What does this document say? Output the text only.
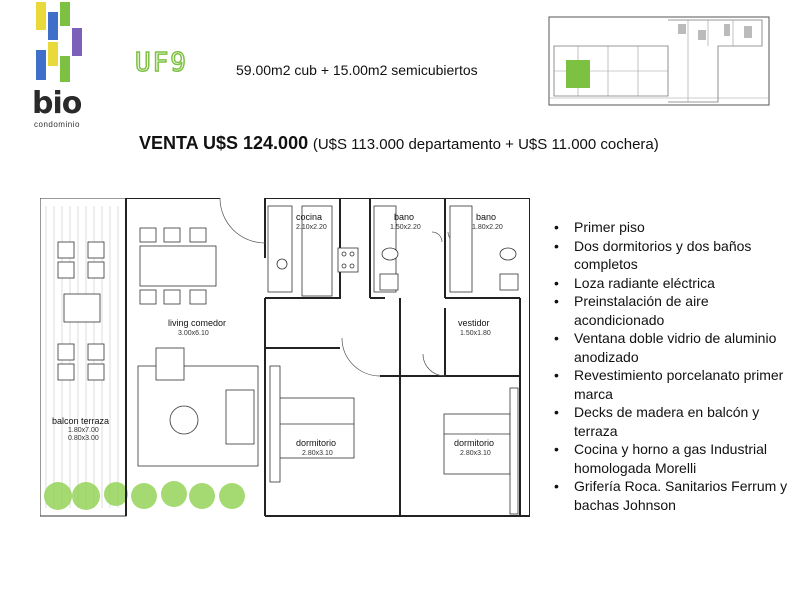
bio
condominio
UF9	59.00m2 cub + 15.00m2 semicubiertos
VENTA U$S 124.000 (U$S 113.000 departamento + U$S 11.000 cochera)
cocina
2.10x2.20
bano
1.50x2.20
bano
1.80x2.20
living comedor
3.00x6.10
vestidor
1.50x1.80
balcon terraza
1.80x7.00
0.80x3.00	dormitorio
2.80x3.10
dormitorio
2.80x3.10
• Primer piso
• Dos dormitorios y dos baños completos
• Loza radiante eléctrica
• Preinstalación de aire acondicionado
• Ventana doble vidrio de aluminio anodizado
• Revestimiento porcelanato primer marca
• Decks de madera en balcón y terraza
• Cocina y horno a gas Industrial homologada Morelli
• Grifería Roca. Sanitarios Ferrum y bachas Johnson
